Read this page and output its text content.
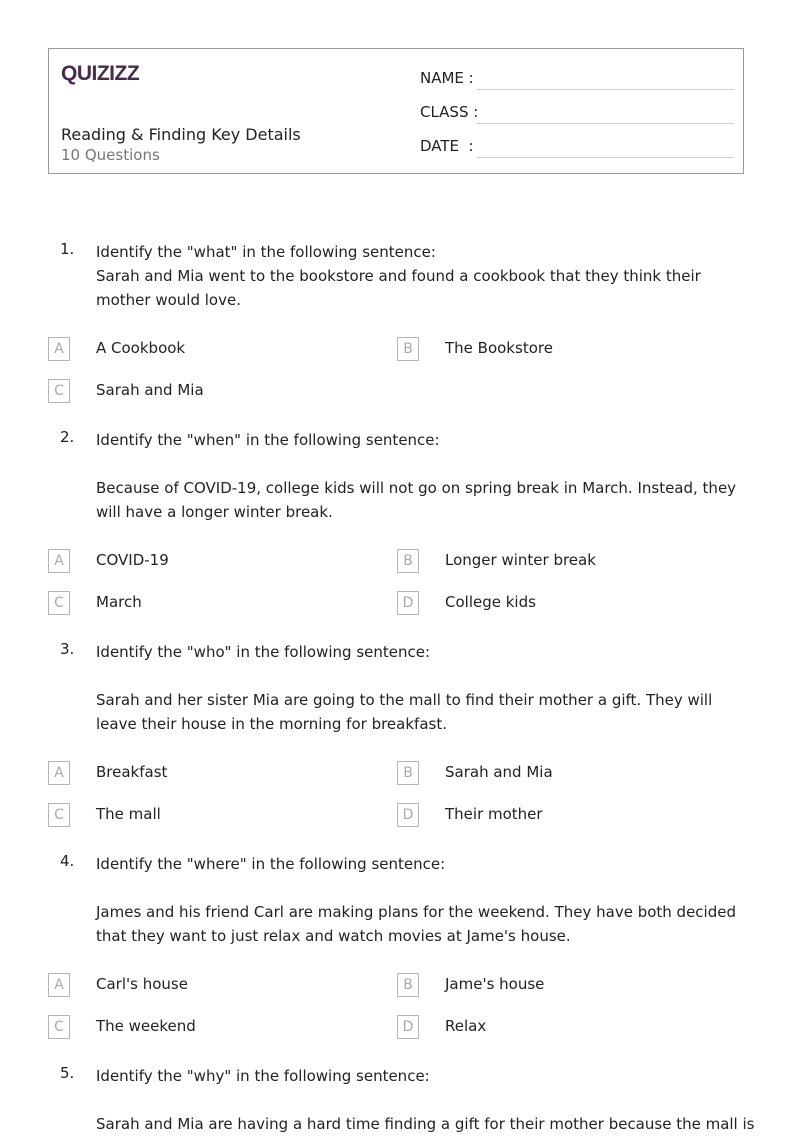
QUIZIZZ
Reading & Finding Key Details
10 Questions
NAME :
CLASS :
DATE  :
1. Identify the "what" in the following sentence:

Sarah and Mia went to the bookstore and found a cookbook that they think their mother would love.

A	A Cookbook	B	The Bookstore
C	Sarah and Mia
2. Identify the "when" in the following sentence:

Because of COVID-19, college kids will not go on spring break in March. Instead, they will have a longer winter break.

A	COVID-19	B	Longer winter break
C	March	D	College kids
3. Identify the "who" in the following sentence:

Sarah and her sister Mia are going to the mall to find their mother a gift. They will leave their house in the morning for breakfast.

A	Breakfast	B	Sarah and Mia
C	The mall	D	Their mother
4. Identify the "where" in the following sentence:

James and his friend Carl are making plans for the weekend. They have both decided that they want to just relax and watch movies at Jame's house.

A	Carl's house	B	Jame's house
C	The weekend	D	Relax
5. Identify the "why" in the following sentence:

Sarah and Mia are having a hard time finding a gift for their mother because the mall is
